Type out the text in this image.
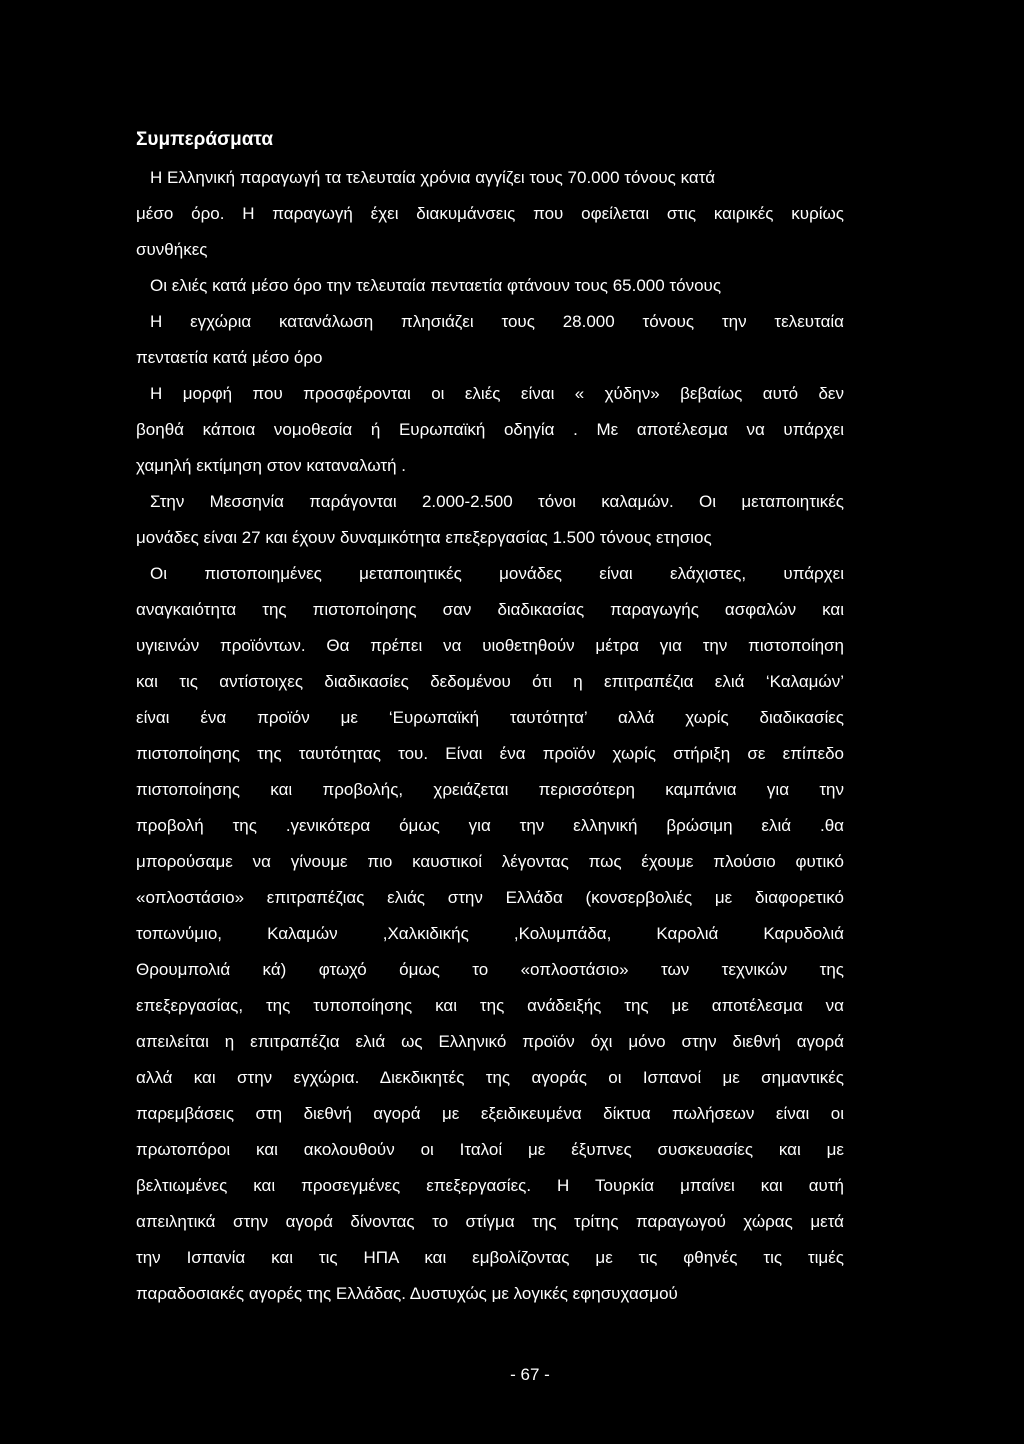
Συμπεράσματα
Η Ελληνική παραγωγή τα τελευταία χρόνια αγγίζει τους 70.000 τόνους κατά
μέσο όρο. Η παραγωγή έχει διακυμάνσεις που οφείλεται στις καιρικές κυρίως
συνθήκες
Οι ελιές κατά μέσο όρο την τελευταία πενταετία φτάνουν τους 65.000 τόνους
Η εγχώρια κατανάλωση πλησιάζει τους 28.000 τόνους την τελευταία
πενταετία κατά μέσο όρο
Η μορφή που προσφέρονται οι ελιές είναι « χύδην» βεβαίως αυτό δεν
βοηθά κάποια νομοθεσία ή Ευρωπαϊκή οδηγία . Με αποτέλεσμα να υπάρχει
χαμηλή εκτίμηση στον καταναλωτή .
Στην Μεσσηνία παράγονται 2.000-2.500 τόνοι καλαμών. Οι μεταποιητικές
μονάδες είναι 27 και έχουν δυναμικότητα επεξεργασίας 1.500 τόνους ετησιος
Οι πιστοποιημένες μεταποιητικές μονάδες είναι ελάχιστες, υπάρχει
αναγκαιότητα της πιστοποίησης σαν διαδικασίας παραγωγής ασφαλών και
υγιεινών προϊόντων. Θα πρέπει να υιοθετηθούν μέτρα για την πιστοποίηση
και τις αντίστοιχες διαδικασίες δεδομένου ότι η επιτραπέζια ελιά ‘Καλαμών’
είναι ένα προϊόν με ‘Ευρωπαϊκή ταυτότητα’ αλλά χωρίς διαδικασίες
πιστοποίησης της ταυτότητας του. Είναι ένα προϊόν χωρίς στήριξη σε επίπεδο
πιστοποίησης και προβολής, χρειάζεται περισσότερη καμπάνια για την
προβολή της .γενικότερα όμως για την ελληνική βρώσιμη ελιά .θα
μπορούσαμε να γίνουμε πιο καυστικοί λέγοντας πως έχουμε πλούσιο φυτικό
«οπλοστάσιο» επιτραπέζιας ελιάς στην Ελλάδα (κονσερβολιές με διαφορετικό
τοπωνύμιο, Καλαμών ,Χαλκιδικής ,Κολυμπάδα, Καρολιά Καρυδολιά
Θρουμπολιά κά) φτωχό όμως το «οπλοστάσιο» των τεχνικών της
επεξεργασίας, της τυποποίησης και της ανάδειξής της με αποτέλεσμα να
απειλείται η επιτραπέζια ελιά ως Ελληνικό προϊόν όχι μόνο στην διεθνή αγορά
αλλά και στην εγχώρια. Διεκδικητές της αγοράς οι Ισπανοί με σημαντικές
παρεμβάσεις στη διεθνή αγορά με εξειδικευμένα δίκτυα πωλήσεων είναι οι
πρωτοπόροι και ακολουθούν οι Ιταλοί με έξυπνες συσκευασίες και με
βελτιωμένες και προσεγμένες επεξεργασίες. Η Τουρκία μπαίνει και αυτή
απειλητικά στην αγορά δίνοντας το στίγμα της τρίτης παραγωγού χώρας μετά
την Ισπανία και τις ΗΠΑ και εμβολίζοντας με τις φθηνές τις τιμές
παραδοσιακές αγορές της Ελλάδας. Δυστυχώς με λογικές εφησυχασμού
- 67 -
